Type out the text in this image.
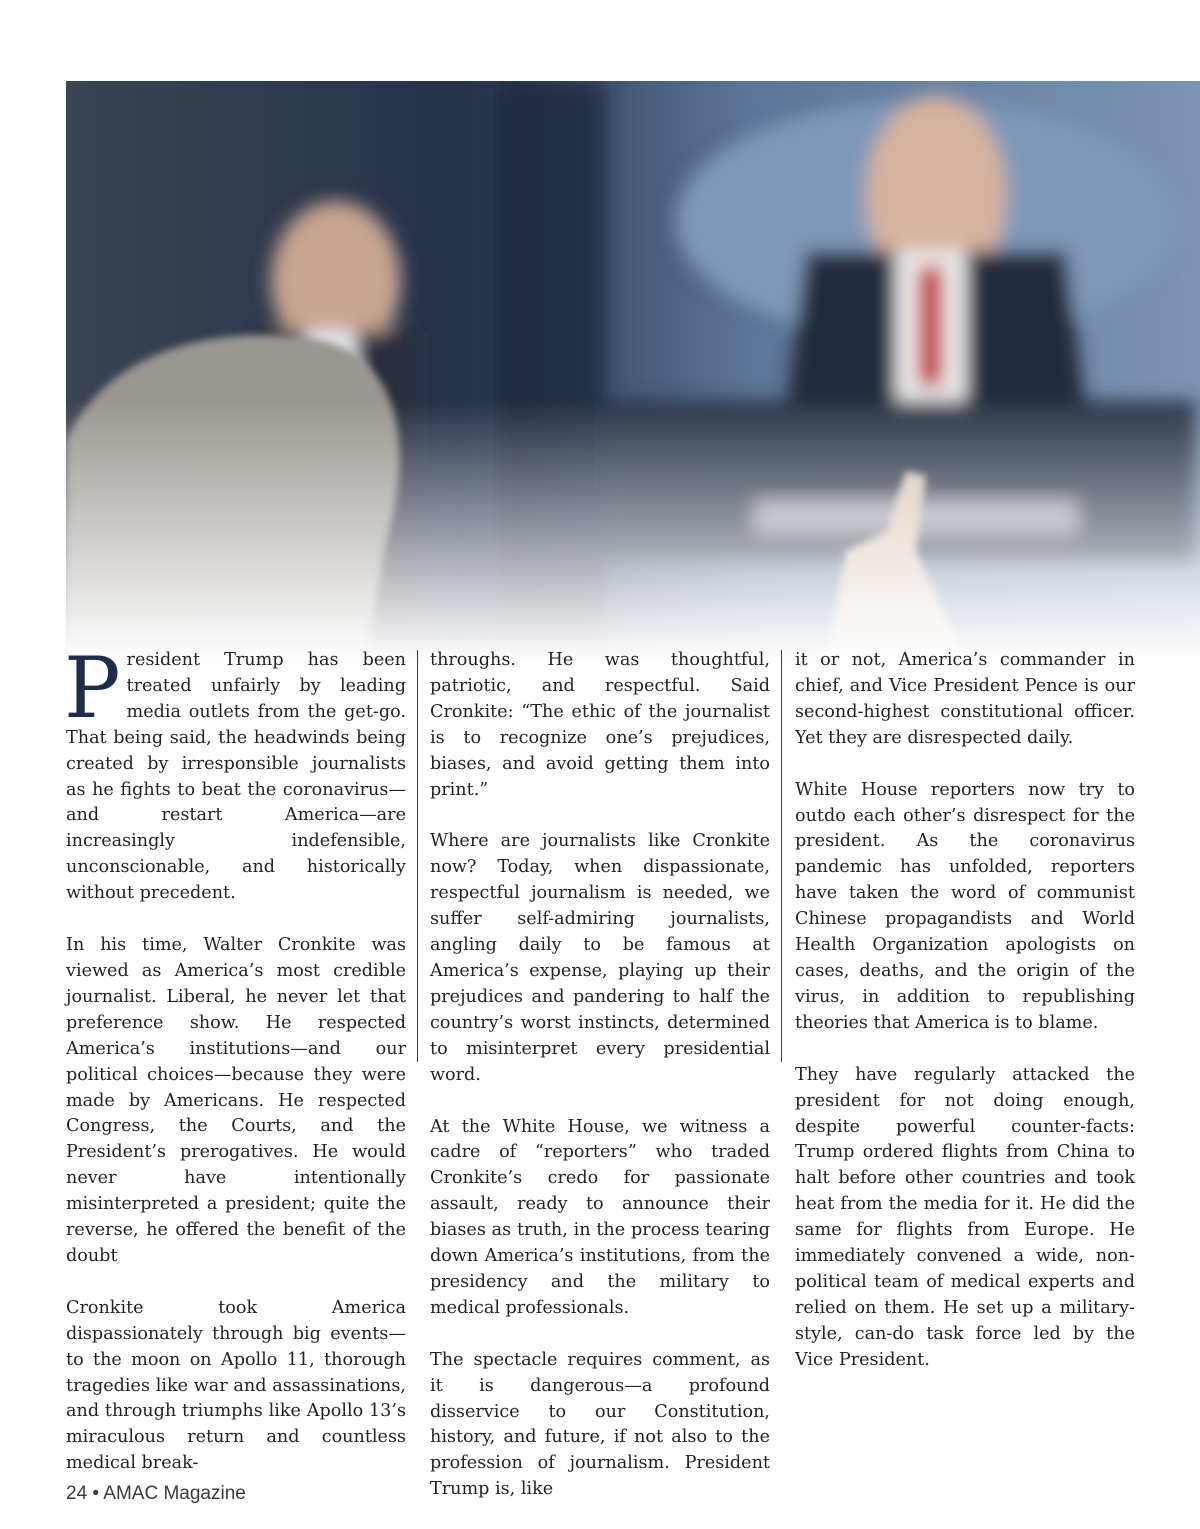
President Trump has been treated unfairly by leading media outlets from the get-go. That being said, the headwinds being created by irresponsible journalists as he fights to beat the coronavirus—and restart America—are increasingly indefensible, unconscionable, and historically without precedent.

In his time, Walter Cronkite was viewed as America’s most credible journalist. Liberal, he never let that preference show. He respected America’s institutions—and our political choices—because they were made by Americans. He respected Congress, the Courts, and the President’s prerogatives. He would never have intentionally misinterpreted a president; quite the reverse, he offered the benefit of the doubt

Cronkite took America dispassionately through big events—to the moon on Apollo 11, thorough tragedies like war and assassinations, and through triumphs like Apollo 13’s miraculous return and countless medical break-

throughs. He was thoughtful, patriotic, and respectful. Said Cronkite: “The ethic of the journalist is to recognize one’s prejudices, biases, and avoid getting them into print.”

Where are journalists like Cronkite now? Today, when dispassionate, respectful journalism is needed, we suffer self-admiring journalists, angling daily to be famous at America’s expense, playing up their prejudices and pandering to half the country’s worst instincts, determined to misinterpret every presidential word.

At the White House, we witness a cadre of “reporters” who traded Cronkite’s credo for passionate assault, ready to announce their biases as truth, in the process tearing down America’s institutions, from the presidency and the military to medical professionals.

The spectacle requires comment, as it is dangerous—a profound disservice to our Constitution, history, and future, if not also to the profession of journalism. President Trump is, like

it or not, America’s commander in chief, and Vice President Pence is our second-highest constitutional officer. Yet they are disrespected daily.

White House reporters now try to outdo each other’s disrespect for the president. As the coronavirus pandemic has unfolded, reporters have taken the word of communist Chinese propagandists and World Health Organization apologists on cases, deaths, and the origin of the virus, in addition to republishing theories that America is to blame.

They have regularly attacked the president for not doing enough, despite powerful counter-facts: Trump ordered flights from China to halt before other countries and took heat from the media for it. He did the same for flights from Europe. He immediately convened a wide, non-political team of medical experts and relied on them. He set up a military-style, can-do task force led by the Vice President.

24 • AMAC Magazine
